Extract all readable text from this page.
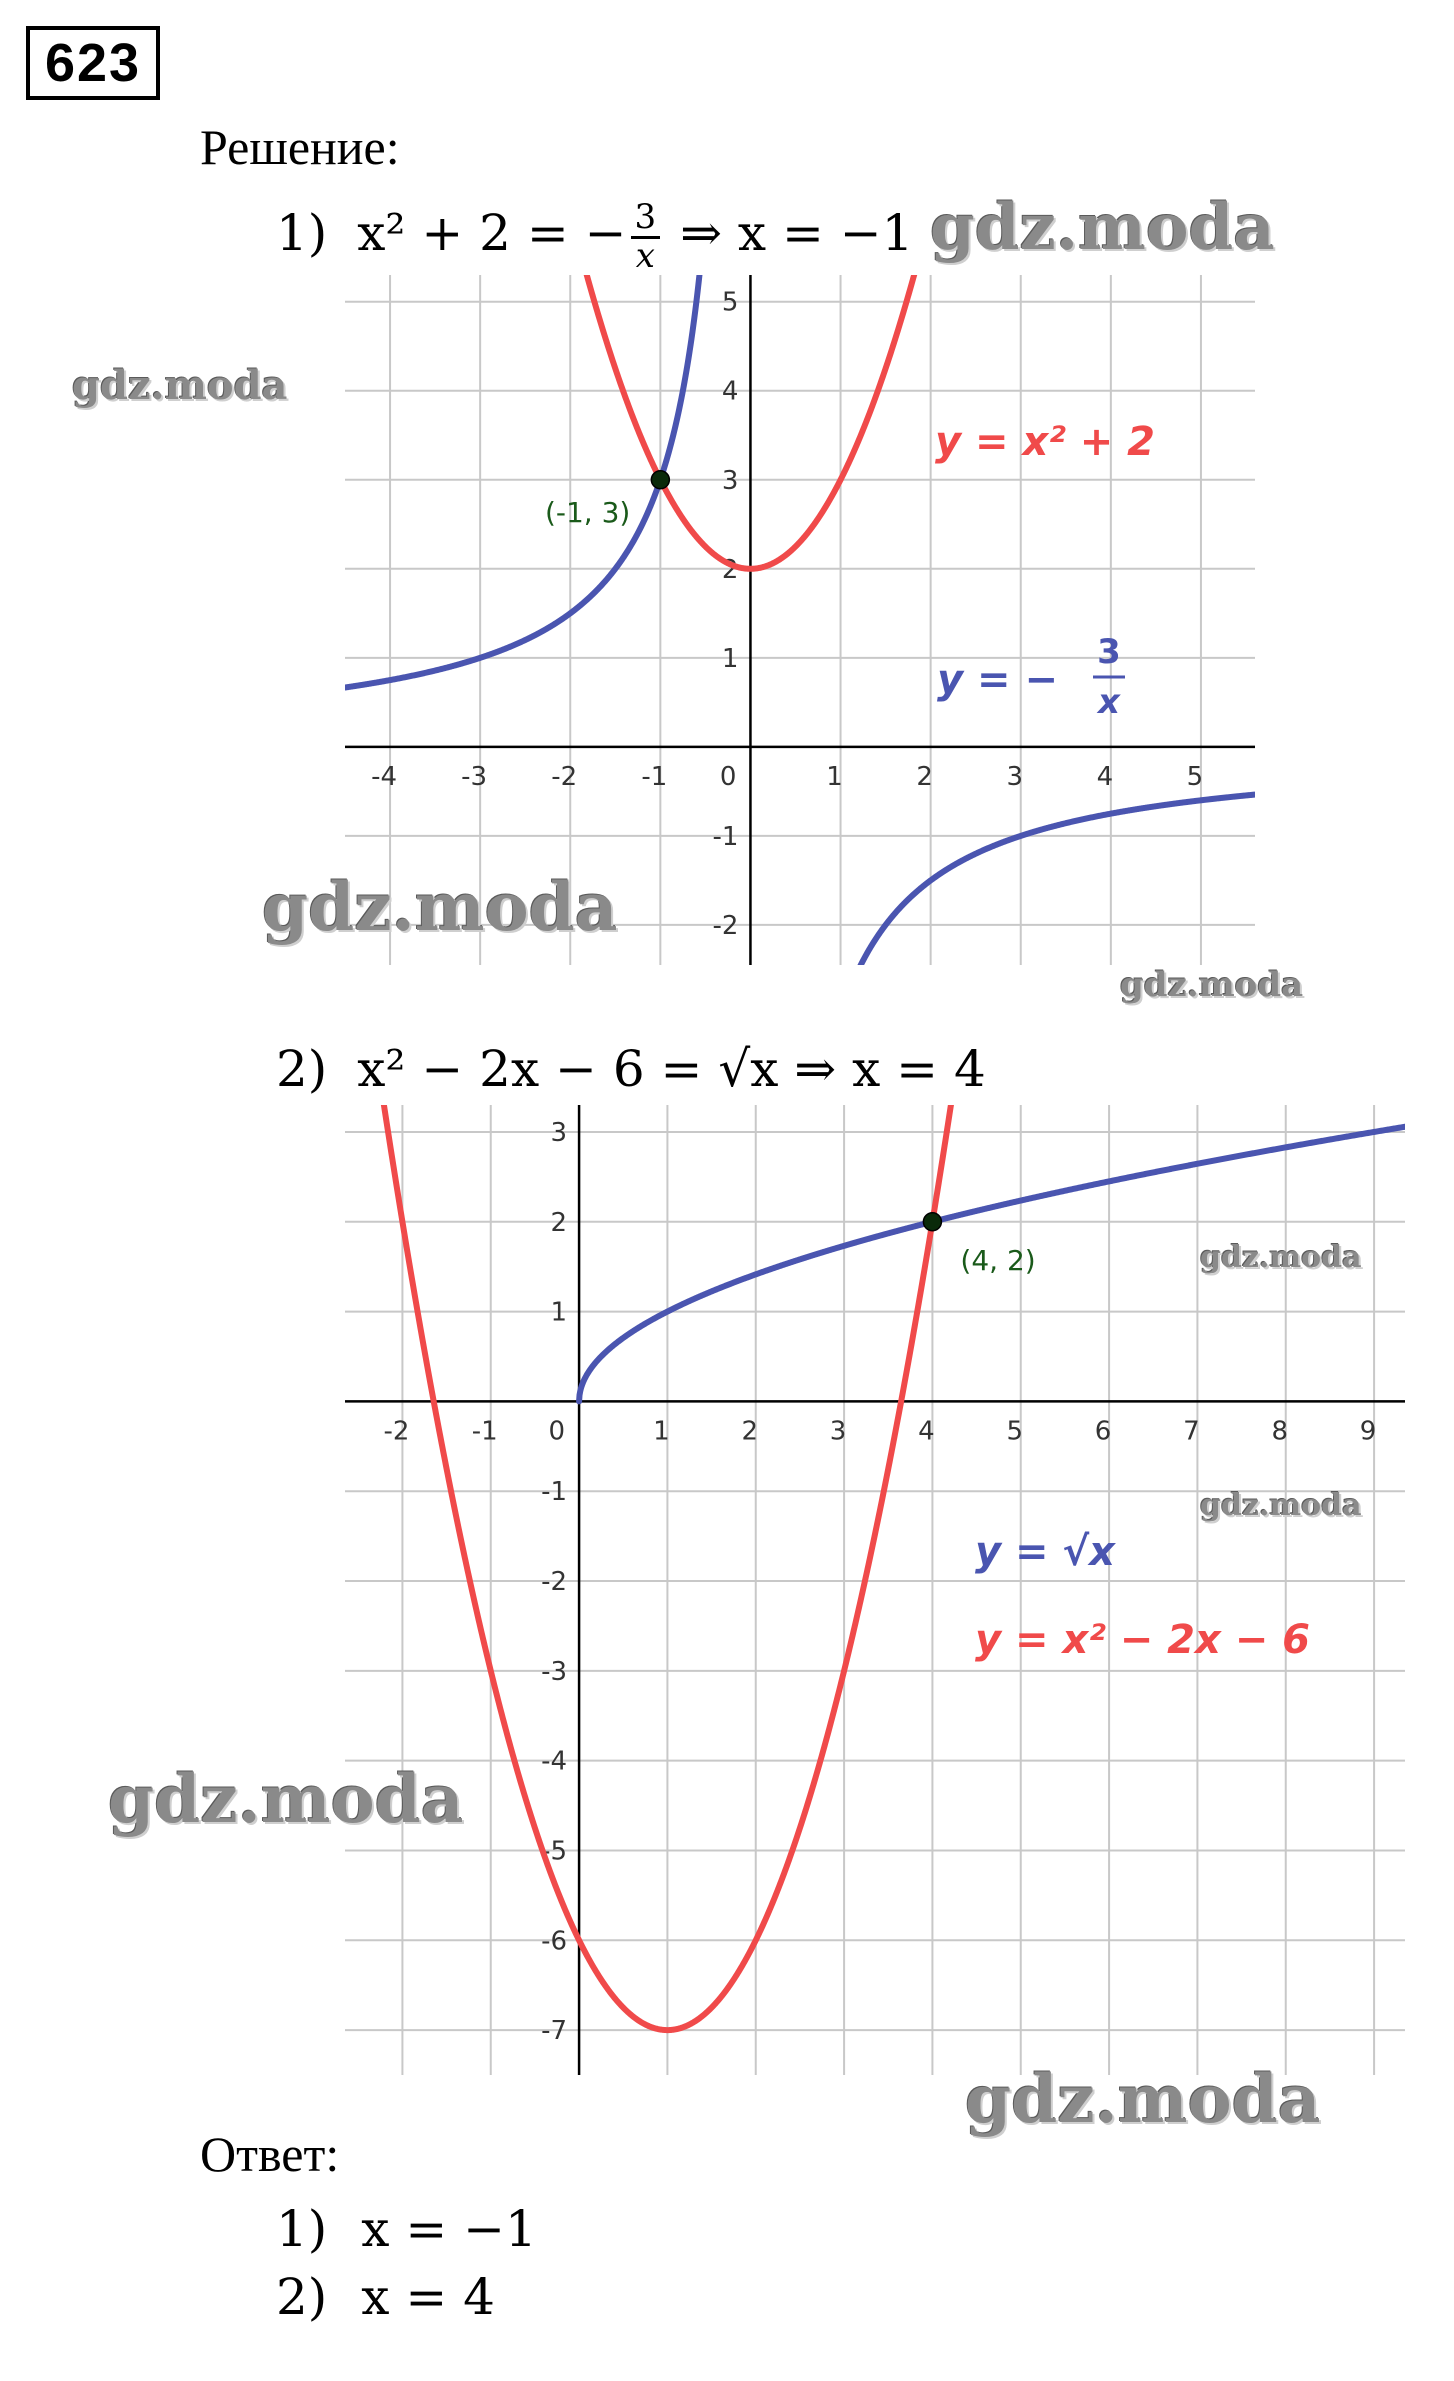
623
Решение:
1) x² + 2 = − $\frac{3}{x}$ ⇒ x = −1
-4 -3 -2 -1	1	2	3	4	5
-2
-1
1
2
3
4
5
0
(-1, 3)
y = x² + 2
y = −
3
x
2) x² − 2x − 6 = √x ⇒ x = 4
-2 -1	1	2	3	4	5	6	7	8	9
-7
-6
-5
-4
-3
-2
-1
1
2
3
0
(4, 2)
y = √x
y = x² − 2x − 6
Ответ:
1) x = −1
2) x = 4
gdz.moda
gdz.moda
gdz.moda
gdz.moda
gdz.moda
gdz.moda
gdz.moda
gdz.moda
